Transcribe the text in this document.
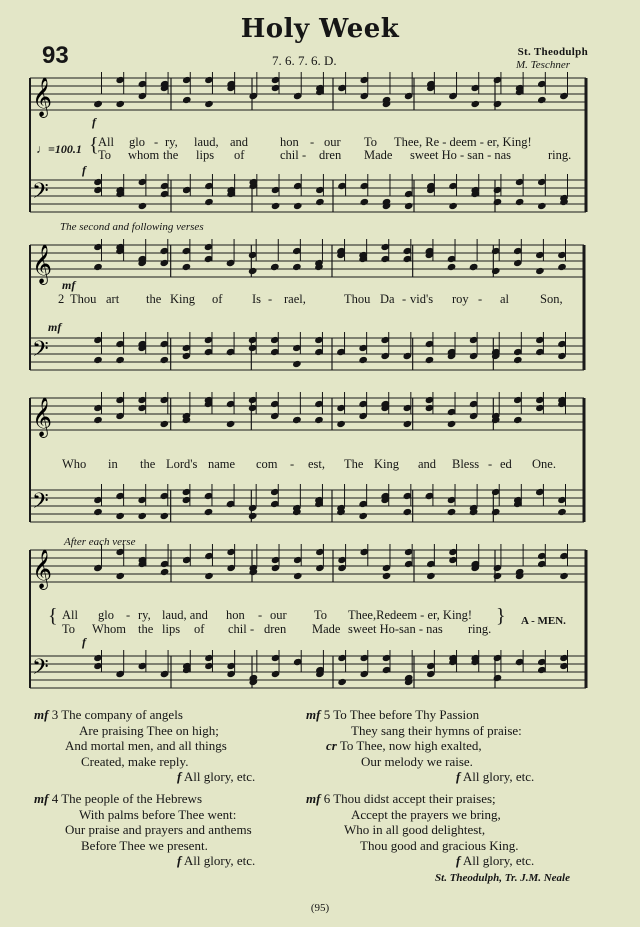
Holy Week
93	7. 6. 7. 6. D.
St. Theodulph
M. Teschner
𝄞
𝄢
𝄞
𝄢
𝄞
𝄢
𝄞
𝄢
♩=100.1
f
f
The second and following verses
mf
mf
After each verse
f
{ All glo - ry, laud, and	hon - our To Thee, Re - deem - er, King!
To whom the lips of	chil - dren Made sweet Ho - san - nas	ring.
2 Thou art the King of Is - rael,	Thou Da - vid's roy - al Son,
Who in the Lord's name com - est, The King and Bless - ed One.
{ All glo - ry, laud, and hon - our To Thee,Redeem - er, King!
To Whom the lips of chil - dren Made sweet Ho-san - nas ring.
} A - MEN.
mf 3 The company of angels
Are praising Thee on high;
And mortal men, and all things
Created, make reply.
f All glory, etc.
mf 4 The people of the Hebrews
With palms before Thee went:
Our praise and prayers and anthems
Before Thee we present.
f All glory, etc.
mf 5 To Thee before Thy Passion
They sang their hymns of praise:
cr To Thee, now high exalted,
Our melody we raise.
f All glory, etc.
mf 6 Thou didst accept their praises;
Accept the prayers we bring,
Who in all good delightest,
Thou good and gracious King.
f All glory, etc.
St. Theodulph, Tr. J.M. Neale
(95)
